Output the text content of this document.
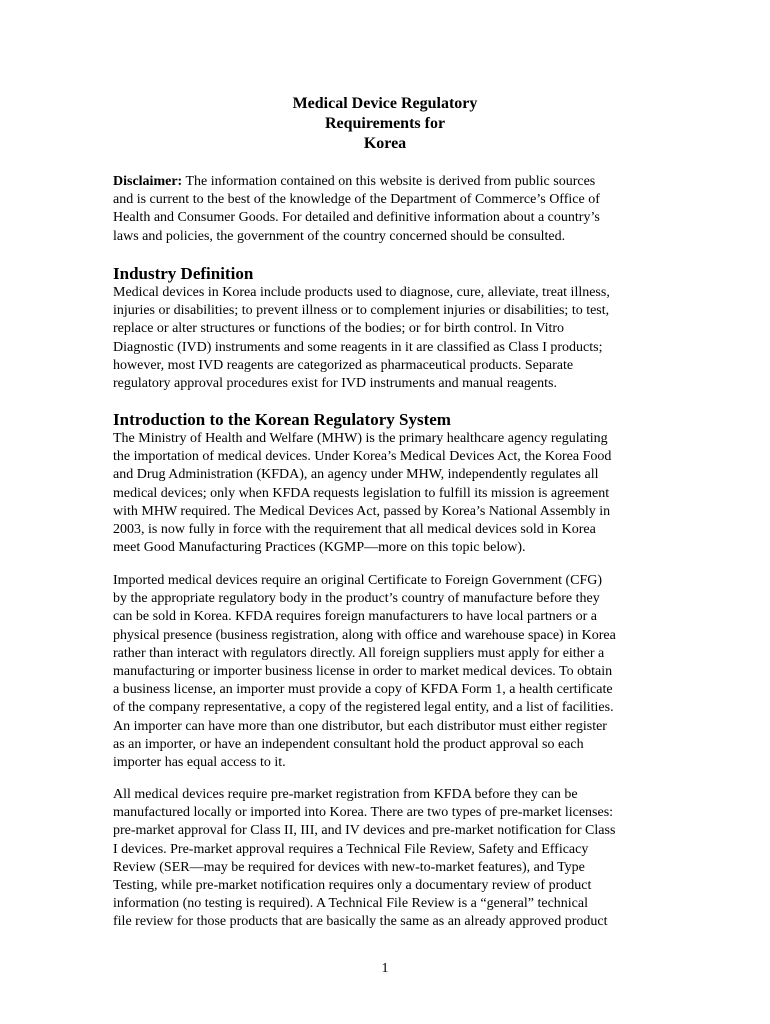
Medical Device Regulatory
Requirements for
Korea
Disclaimer: The information contained on this website is derived from public sources
and is current to the best of the knowledge of the Department of Commerce’s Office of
Health and Consumer Goods. For detailed and definitive information about a country’s
laws and policies, the government of the country concerned should be consulted.
Industry Definition
Medical devices in Korea include products used to diagnose, cure, alleviate, treat illness,
injuries or disabilities; to prevent illness or to complement injuries or disabilities; to test,
replace or alter structures or functions of the bodies; or for birth control. In Vitro
Diagnostic (IVD) instruments and some reagents in it are classified as Class I products;
however, most IVD reagents are categorized as pharmaceutical products. Separate
regulatory approval procedures exist for IVD instruments and manual reagents.
Introduction to the Korean Regulatory System
The Ministry of Health and Welfare (MHW) is the primary healthcare agency regulating
the importation of medical devices. Under Korea’s Medical Devices Act, the Korea Food
and Drug Administration (KFDA), an agency under MHW, independently regulates all
medical devices; only when KFDA requests legislation to fulfill its mission is agreement
with MHW required. The Medical Devices Act, passed by Korea’s National Assembly in
2003, is now fully in force with the requirement that all medical devices sold in Korea
meet Good Manufacturing Practices (KGMP—more on this topic below).
Imported medical devices require an original Certificate to Foreign Government (CFG)
by the appropriate regulatory body in the product’s country of manufacture before they
can be sold in Korea. KFDA requires foreign manufacturers to have local partners or a
physical presence (business registration, along with office and warehouse space) in Korea
rather than interact with regulators directly. All foreign suppliers must apply for either a
manufacturing or importer business license in order to market medical devices. To obtain
a business license, an importer must provide a copy of KFDA Form 1, a health certificate
of the company representative, a copy of the registered legal entity, and a list of facilities.
An importer can have more than one distributor, but each distributor must either register
as an importer, or have an independent consultant hold the product approval so each
importer has equal access to it.
All medical devices require pre-market registration from KFDA before they can be
manufactured locally or imported into Korea. There are two types of pre-market licenses:
pre-market approval for Class II, III, and IV devices and pre-market notification for Class
I devices. Pre-market approval requires a Technical File Review, Safety and Efficacy
Review (SER—may be required for devices with new-to-market features), and Type
Testing, while pre-market notification requires only a documentary review of product
information (no testing is required). A Technical File Review is a “general” technical
file review for those products that are basically the same as an already approved product
1
